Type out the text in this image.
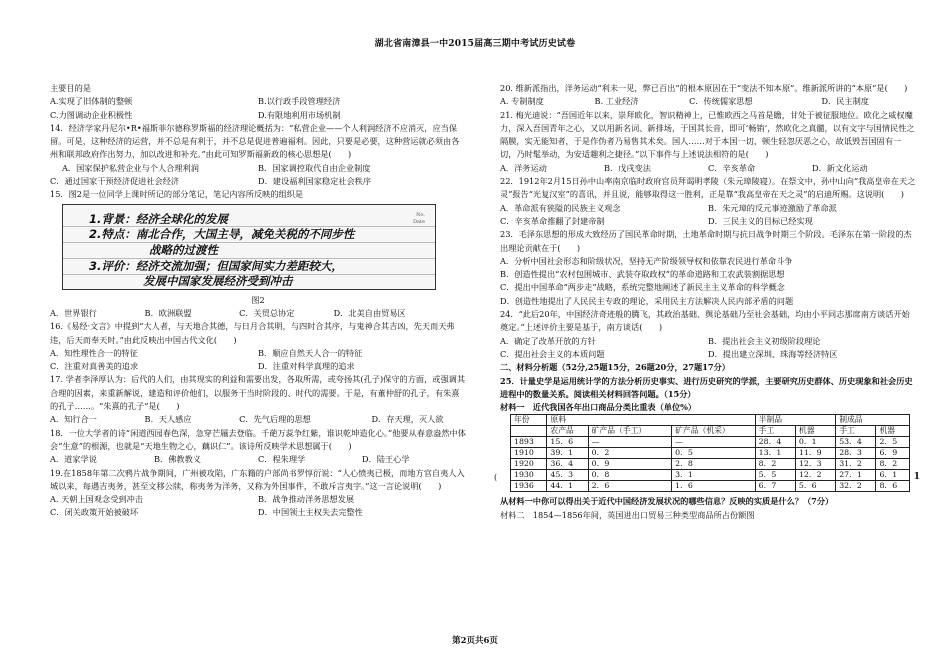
湖北省南漳县一中2015届高三期中考试历史试卷

主要目的是

A.实现了旧体制的整顿	B.以行政手段管理经济
C.力图调动企业积极性	D.有限地利用市场机制

14．经济学家丹尼尔•R•福斯菲尔德称罗斯福的经济理论概括为：“私营企业——个人利润经济不应消灭，应当保留。可是，这种经济的运营，并不总是有利于，并不总是促进普遍福利。因此，只要是必要，这种营运就必须由各州和联邦政府作出努力，加以改进和补充。”由此可知罗斯福新政的核心思想是(　　)

A．国家保护私营企业与个人合理利润	B．国家调控取代自由企业制度
C．通过国家干预经济促进社会经济	D．建设福利国家稳定社会秩序

15．图2是一位同学上课时所记的部分笔记，笔记内容所反映的组织是

No.
Date
1.背景：经济全球化的发展
2.特点：南北合作，大国主导，减免关税的不同步性
战略的过渡性
3.评价：经济交流加强；但国家间实力差距较大，
发展中国家发展经济受到冲击

图2

A．世界银行	B．欧洲联盟	C．关贸总协定	D．北美自由贸易区

16.《易经·文言》中提到“大人者，与天地合其德，与日月合其明，与四时合其序，与鬼神合其吉凶，先天而天弗违，后天而奉天时。”由此反映出中国古代文化(　　)

A．知性理性合一的特征	B．顺应自然天人合一的特征
C．注重对真善美的追求	D．注重对科学真理的追求

17. 学者李泽厚认为：后代的人们，由其现实的利益和需要出发，各取所需，或夸扬其(孔子)保守的方面，或强调其合理的因素，来重新解说，建造和评价他们，以服务于当时阶段的、时代的需要。于是，有董仲舒的孔子，有朱熹的孔子……。“朱熹的孔子”是(　　)

A．知行合一	B．天人感应	C．先气后理的思想	D．存天理，灭人欲

18．一位大学者的诗“闲道西园春色深，急穿芒屩去登临。千葩万蕊争红紫，谁识乾坤造化心。”他要从春意盎然中体会“生意”的根源，也就是“天地生物之心，藕识仁”。该诗所反映学术思想属于(　　)

A．道家学说	B．佛教教义	C．程朱理学	D．陆王心学

19.在1858年第二次鸦片战争期间，广州被攻陷，广东籍的户部尚书罗惇衍说：“人心愤夷已极，而地方官自夷人入城以来，每遇吉夷务，甚至文移公牍，称夷务为洋务，又称为外国事件，不敢斥言夷字。”这一言论说明(　　)

A. 天朝上国观念受到冲击	B．战争推动洋务思想发展
C．闭关政策开始被破坏	D．中国领土主权失去完整性

20. 维新派指出，洋务运动“利未一见，弊已百出”的根本原因在于“变法不知本原”。维新派所讲的“本原”是(　　)

A. 专制制度	B. 工业经济	C．传统儒家思想	D．民主制度

21. 梅光迪说：“吾国近年以来，崇拜欧化，智识精神上，已惟欧西之马首是瞻，甘处于被征服地位。欧化之威权魔力，深入吾国青年之心，又以用新名词、新排场，于国其长音，即可‘畅销’，然欧化之真髓，以有文字与国情民性之隔膜，实无能知者，于是作伪者乃易售其术矣。国人……对于本国一切，顿生轻忽厌恶之心，故诋毁吾国固有一切，乃时髦举动，为安适趣利之捷径。”以下事件与上述说法相符的是(　　)

A．洋务运动	B．戊戌变法	C．辛亥革命	D．新文化运动

22．1912年2月15日孙中山率南京临时政府官员拜谒明孝陵（朱元璋陵寝）。在祭文中，孙中山向“我高皇帝在天之灵”报告“光复汉室”的喜讯，并且说，能够取得这一胜利，正是靠“我高皇帝在天之灵”的启迪所赐。这说明(　　)

A．革命派有狭隘的民族主义观念	B．朱元璋的反元事迹激励了革命派
C．辛亥革命推翻了封建帝制	D．三民主义的目标已经实现

23．毛泽东思想的形成大致经历了国民革命时期，土地革命时期与抗日战争时期三个阶段。毛泽东在第一阶段的杰出理论贡献在于(　　)

A．分析中国社会形态和阶级状况，坚持无产阶级领导权和依靠农民进行革命斗争

B．创造性提出“农村包围城市、武装夺取政权”的革命道路和工农武装割据思想

C．提出中国革命“两步走”战略，系统完整地阐述了新民主主义革命的科学概念

D．创造性地提出了人民民主专政的理论，采用民主方法解决人民内部矛盾的问题

24．“此后20年，中国经济奇迹般的腾飞，其政治基础、舆论基础乃至社会基础，均由小平同志那席南方谈话开始奠定。”上述评价主要是基于，南方谈话(　　)

A．确定了改革开放的方针	B．提出社会主义初级阶段理论
C．提出社会主义的本质问题	D．提出建立深圳、珠海等经济特区

二、材料分析题（52分,25题15分，26题20分，27题17分）

25．计量史学是运用统计学的方法分析历史事实、进行历史研究的学派，主要研究历史群体、历史现象和社会历史进程中的数量关系。阅读相关材料回答问题。（15分）

材料一　近代我国各年出口商品分类比重表（单位%）

年份	原料			半制品		制成品	
	农产品	矿产品（手工）	矿产品（机采）	手工	机器	手工	机器
1893	15．6	—	—	28．4	0．1	53．4	2．5
1910	39．1	0．2	0．5	13．1	11．9	28．3	6．9
1920	36．4	0．9	2．8	8．2	12．3	31．2	8．2
1930	45．3	0．8	3．1	5．5	12．2	27．1	6．1
1936	44．1	2．6	1．6	6．7	5．6	32．2	8．6

从材料一中你可以得出关于近代中国经济发展状况的哪些信息？反映的实质是什么？（7分）

材料二　1854—1856年间，英国进出口贸易三种类型商品所占份额图

(	1
第2页共6页
